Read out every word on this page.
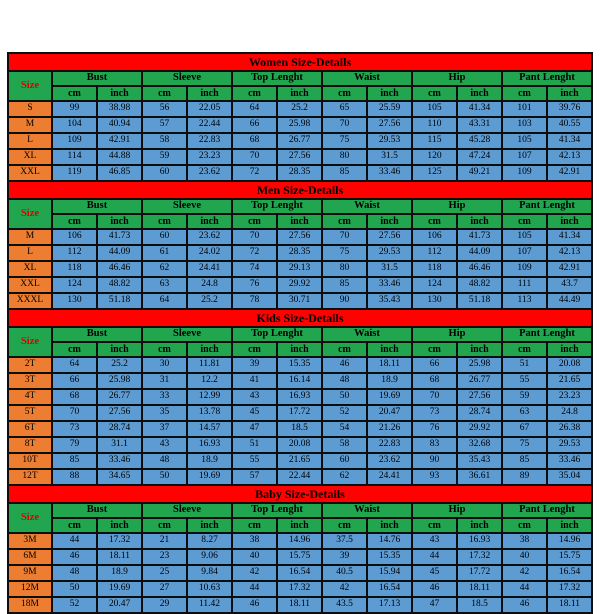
Women Size-Details												
Size	Bust		Sleeve		Top Lenght		Waist		Hip		Pant Lenght	
	cm	inch	cm	inch	cm	inch	cm	inch	cm	inch	cm	inch
S	99	38.98	56	22.05	64	25.2	65	25.59	105	41.34	101	39.76
M	104	40.94	57	22.44	66	25.98	70	27.56	110	43.31	103	40.55
L	109	42.91	58	22.83	68	26.77	75	29.53	115	45.28	105	41.34
XL	114	44.88	59	23.23	70	27.56	80	31.5	120	47.24	107	42.13
XXL	119	46.85	60	23.62	72	28.35	85	33.46	125	49.21	109	42.91
Men Size-Details												
Size	Bust		Sleeve		Top Lenght		Waist		Hip		Pant Lenght	
	cm	inch	cm	inch	cm	inch	cm	inch	cm	inch	cm	inch
M	106	41.73	60	23.62	70	27.56	70	27.56	106	41.73	105	41.34
L	112	44.09	61	24.02	72	28.35	75	29.53	112	44.09	107	42.13
XL	118	46.46	62	24.41	74	29.13	80	31.5	118	46.46	109	42.91
XXL	124	48.82	63	24.8	76	29.92	85	33.46	124	48.82	111	43.7
XXXL	130	51.18	64	25.2	78	30.71	90	35.43	130	51.18	113	44.49
Kids Size-Details												
Size	Bust		Sleeve		Top Lenght		Waist		Hip		Pant Lenght	
	cm	inch	cm	inch	cm	inch	cm	inch	cm	inch	cm	inch
2T	64	25.2	30	11.81	39	15.35	46	18.11	66	25.98	51	20.08
3T	66	25.98	31	12.2	41	16.14	48	18.9	68	26.77	55	21.65
4T	68	26.77	33	12.99	43	16.93	50	19.69	70	27.56	59	23.23
5T	70	27.56	35	13.78	45	17.72	52	20.47	73	28.74	63	24.8
6T	73	28.74	37	14.57	47	18.5	54	21.26	76	29.92	67	26.38
8T	79	31.1	43	16.93	51	20.08	58	22.83	83	32.68	75	29.53
10T	85	33.46	48	18.9	55	21.65	60	23.62	90	35.43	85	33.46
12T	88	34.65	50	19.69	57	22.44	62	24.41	93	36.61	89	35.04
Baby Size-Details												
Size	Bust		Sleeve		Top Lenght		Waist		Hip		Pant Lenght	
	cm	inch	cm	inch	cm	inch	cm	inch	cm	inch	cm	inch
3M	44	17.32	21	8.27	38	14.96	37.5	14.76	43	16.93	38	14.96
6M	46	18.11	23	9.06	40	15.75	39	15.35	44	17.32	40	15.75
9M	48	18.9	25	9.84	42	16.54	40.5	15.94	45	17.72	42	16.54
12M	50	19.69	27	10.63	44	17.32	42	16.54	46	18.11	44	17.32
18M	52	20.47	29	11.42	46	18.11	43.5	17.13	47	18.5	46	18.11
